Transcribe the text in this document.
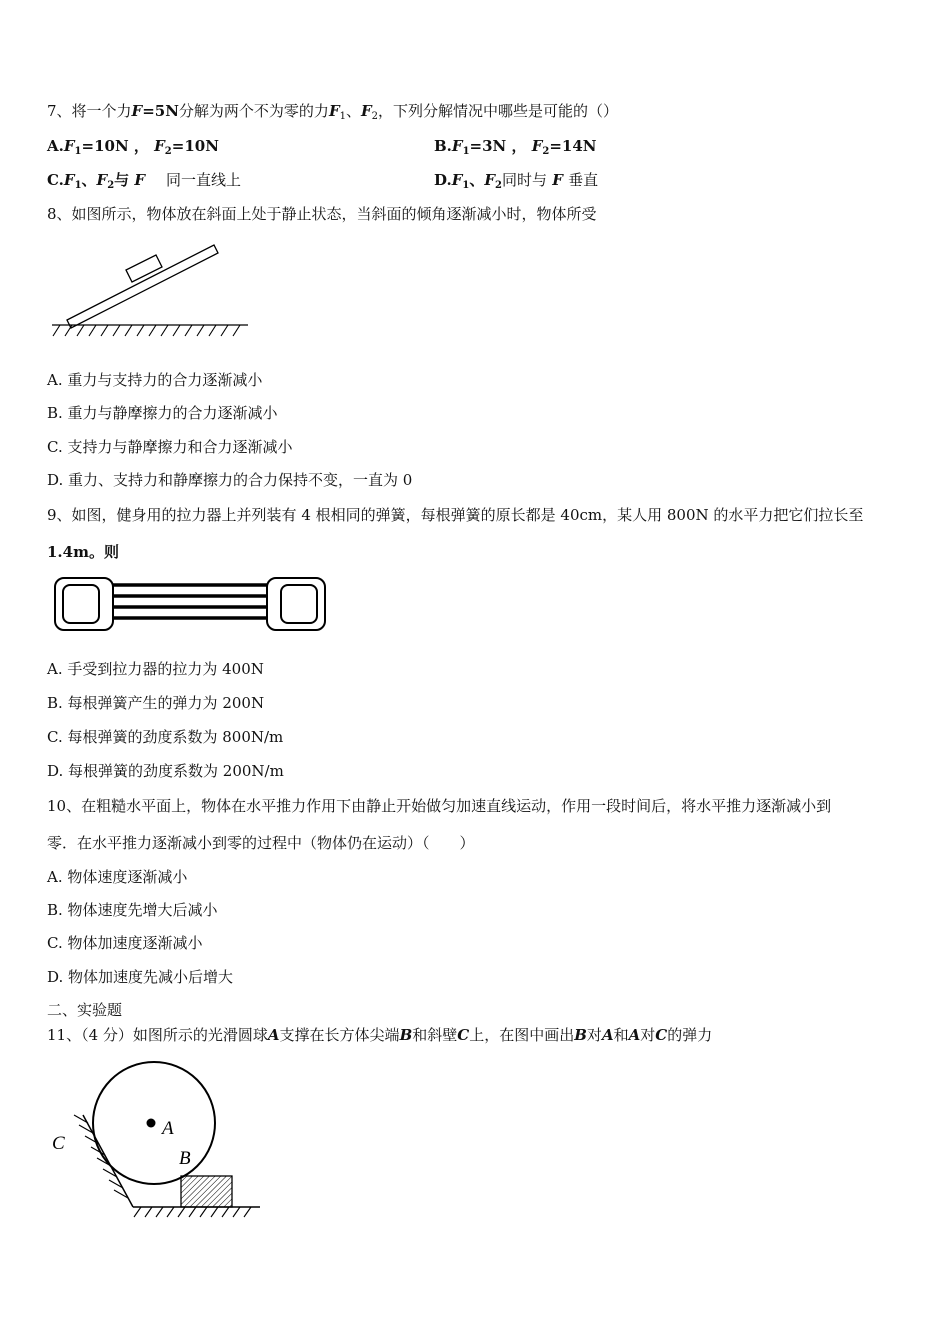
7、将一个力F=5N分解为两个不为零的力$F_1$、$F_2$，下列分解情况中哪些是可能的（）
$A.F_1=10N$ ， $F_2=10N$	$B.F_1=3N$ ， $F_2=14N$
$C.F_1$、$F_2$与 F 同一直线上	$D.F_1$、$F_2$同时与 F 垂直
8、如图所示，物体放在斜面上处于静止状态，当斜面的倾角逐渐减小时，物体所受
A. 重力与支持力的合力逐渐减小
B. 重力与静摩擦力的合力逐渐减小
C. 支持力与静摩擦力和合力逐渐减小
D. 重力、支持力和静摩擦力的合力保持不变，一直为 0
9、如图，健身用的拉力器上并列装有 4 根相同的弹簧，每根弹簧的原长都是 40cm，某人用 800N 的水平力把它们拉长至
1.4m。则
A. 手受到拉力器的拉力为 400N
B. 每根弹簧产生的弹力为 200N
C. 每根弹簧的劲度系数为 800N/m
D. 每根弹簧的劲度系数为 200N/m
10、在粗糙水平面上，物体在水平推力作用下由静止开始做匀加速直线运动，作用一段时间后，将水平推力逐渐减小到
零．在水平推力逐渐减小到零的过程中（物体仍在运动）（　　）
A. 物体速度逐渐减小
B. 物体速度先增大后减小
C. 物体加速度逐渐减小
D. 物体加速度先减小后增大
二、实验题
11、（4 分）如图所示的光滑圆球A支撑在长方体尖端B和斜壁C上，在图中画出B对A和A对C的弹力
A
B
C
